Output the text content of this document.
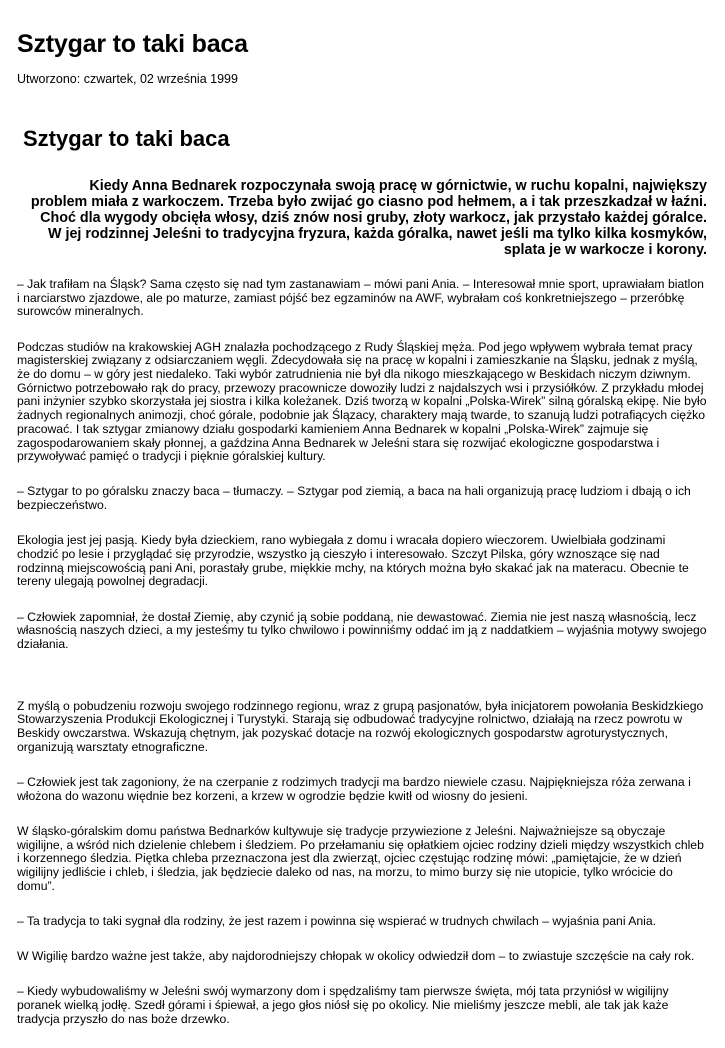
Sztygar to taki baca
Utworzono: czwartek, 02 września 1999
Sztygar to taki baca
Kiedy Anna Bednarek rozpoczynała swoją pracę w górnictwie, w ruchu kopalni, największy problem miała z warkoczem. Trzeba było zwijać go ciasno pod hełmem, a i tak przeszkadzał w łaźni. Choć dla wygody obcięła włosy, dziś znów nosi gruby, złoty warkocz, jak przystało każdej góralce. W jej rodzinnej Jeleśni to tradycyjna fryzura, każda góralka, nawet jeśli ma tylko kilka kosmyków, splata je w warkocze i korony.

– Jak trafiłam na Śląsk? Sama często się nad tym zastanawiam – mówi pani Ania. – Interesował mnie sport, uprawiałam biatlon i narciarstwo zjazdowe, ale po maturze, zamiast pójść bez egzaminów na AWF, wybrałam coś konkretniejszego – przeróbkę surowców mineralnych.

Podczas studiów na krakowskiej AGH znalazła pochodzącego z Rudy Śląskiej męża. Pod jego wpływem wybrała temat pracy magisterskiej związany z odsiarczaniem węgli. Zdecydowała się na pracę w kopalni i zamieszkanie na Śląsku, jednak z myślą, że do domu – w góry jest niedaleko. Taki wybór zatrudnienia nie był dla nikogo mieszkającego w Beskidach niczym dziwnym. Górnictwo potrzebowało rąk do pracy, przewozy pracownicze dowoziły ludzi z najdalszych wsi i przysiółków. Z przykładu młodej pani inżynier szybko skorzystała jej siostra i kilka koleżanek. Dziś tworzą w kopalni „Polska-Wirek” silną góralską ekipę. Nie było żadnych regionalnych animozji, choć górale, podobnie jak Ślązacy, charaktery mają twarde, to szanują ludzi potrafiących ciężko pracować. I tak sztygar zmianowy działu gospodarki kamieniem Anna Bednarek w kopalni „Polska-Wirek” zajmuje się zagospodarowaniem skały płonnej, a gaździna Anna Bednarek w Jeleśni stara się rozwijać ekologiczne gospodarstwa i przywoływać pamięć o tradycji i pięknie góralskiej kultury.

– Sztygar to po góralsku znaczy baca – tłumaczy. – Sztygar pod ziemią, a baca na hali organizują pracę ludziom i dbają o ich bezpieczeństwo.

Ekologia jest jej pasją. Kiedy była dzieckiem, rano wybiegała z domu i wracała dopiero wieczorem. Uwielbiała godzinami chodzić po lesie i przyglądać się przyrodzie, wszystko ją cieszyło i interesowało. Szczyt Pilska, góry wznoszące się nad rodzinną miejscowością pani Ani, porastały grube, miękkie mchy, na których można było skakać jak na materacu. Obecnie te tereny ulegają powolnej degradacji.

– Człowiek zapomniał, że dostał Ziemię, aby czynić ją sobie poddaną, nie dewastować. Ziemia nie jest naszą własnością, lecz własnością naszych dzieci, a my jesteśmy tu tylko chwilowo i powinniśmy oddać im ją z naddatkiem – wyjaśnia motywy swojego działania.

Z myślą o pobudzeniu rozwoju swojego rodzinnego regionu, wraz z grupą pasjonatów, była inicjatorem powołania Beskidzkiego Stowarzyszenia Produkcji Ekologicznej i Turystyki. Starają się odbudować tradycyjne rolnictwo, działają na rzecz powrotu w Beskidy owczarstwa. Wskazują chętnym, jak pozyskać dotacje na rozwój ekologicznych gospodarstw agroturystycznych, organizują warsztaty etnograficzne.

– Człowiek jest tak zagoniony, że na czerpanie z rodzimych tradycji ma bardzo niewiele czasu. Najpiękniejsza róża zerwana i włożona do wazonu więdnie bez korzeni, a krzew w ogrodzie będzie kwitł od wiosny do jesieni.

W śląsko-góralskim domu państwa Bednarków kultywuje się tradycje przywiezione z Jeleśni. Najważniejsze są obyczaje wigilijne, a wśród nich dzielenie chlebem i śledziem. Po przełamaniu się opłatkiem ojciec rodziny dzieli między wszystkich chleb i korzennego śledzia. Piętka chleba przeznaczona jest dla zwierząt, ojciec częstując rodzinę mówi: „pamiętajcie, że w dzień wigilijny jedliście i chleb, i śledzia, jak będziecie daleko od nas, na morzu, to mimo burzy się nie utopicie, tylko wrócicie do domu”.

– Ta tradycja to taki sygnał dla rodziny, że jest razem i powinna się wspierać w trudnych chwilach – wyjaśnia pani Ania.

W Wigilię bardzo ważne jest także, aby najdorodniejszy chłopak w okolicy odwiedził dom – to zwiastuje szczęście na cały rok.

– Kiedy wybudowaliśmy w Jeleśni swój wymarzony dom i spędzaliśmy tam pierwsze święta, mój tata przyniósł w wigilijny poranek wielką jodłę. Szedł górami i śpiewał, a jego głos niósł się po okolicy. Nie mieliśmy jeszcze mebli, ale tak jak każe tradycja przyszło do nas boże drzewko.
